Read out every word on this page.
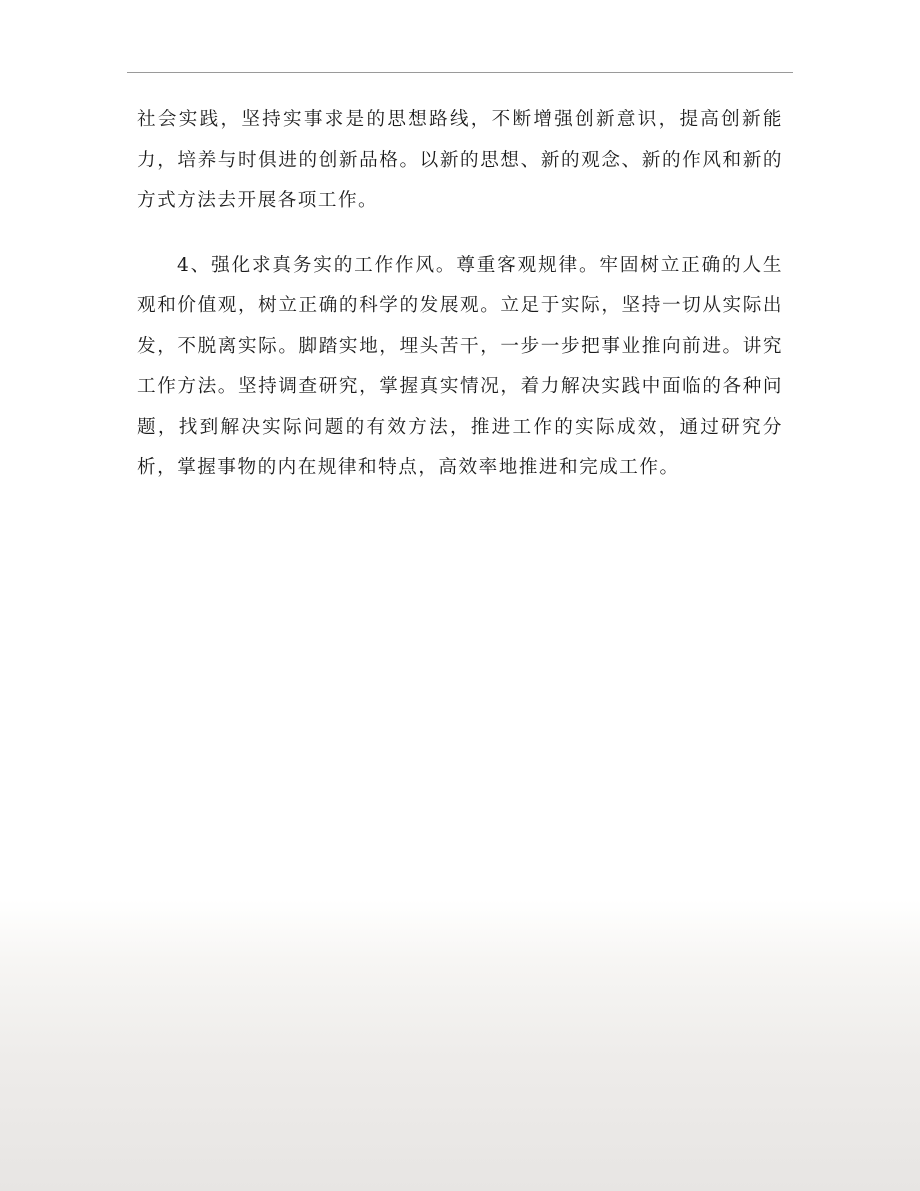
社会实践，坚持实事求是的思想路线，不断增强创新意识，提高创新能力，培养与时俱进的创新品格。以新的思想、新的观念、新的作风和新的方式方法去开展各项工作。

4、强化求真务实的工作作风。尊重客观规律。牢固树立正确的人生观和价值观，树立正确的科学的发展观。立足于实际，坚持一切从实际出发，不脱离实际。脚踏实地，埋头苦干，一步一步把事业推向前进。讲究工作方法。坚持调查研究，掌握真实情况，着力解决实践中面临的各种问题，找到解决实际问题的有效方法，推进工作的实际成效，通过研究分析，掌握事物的内在规律和特点，高效率地推进和完成工作。
